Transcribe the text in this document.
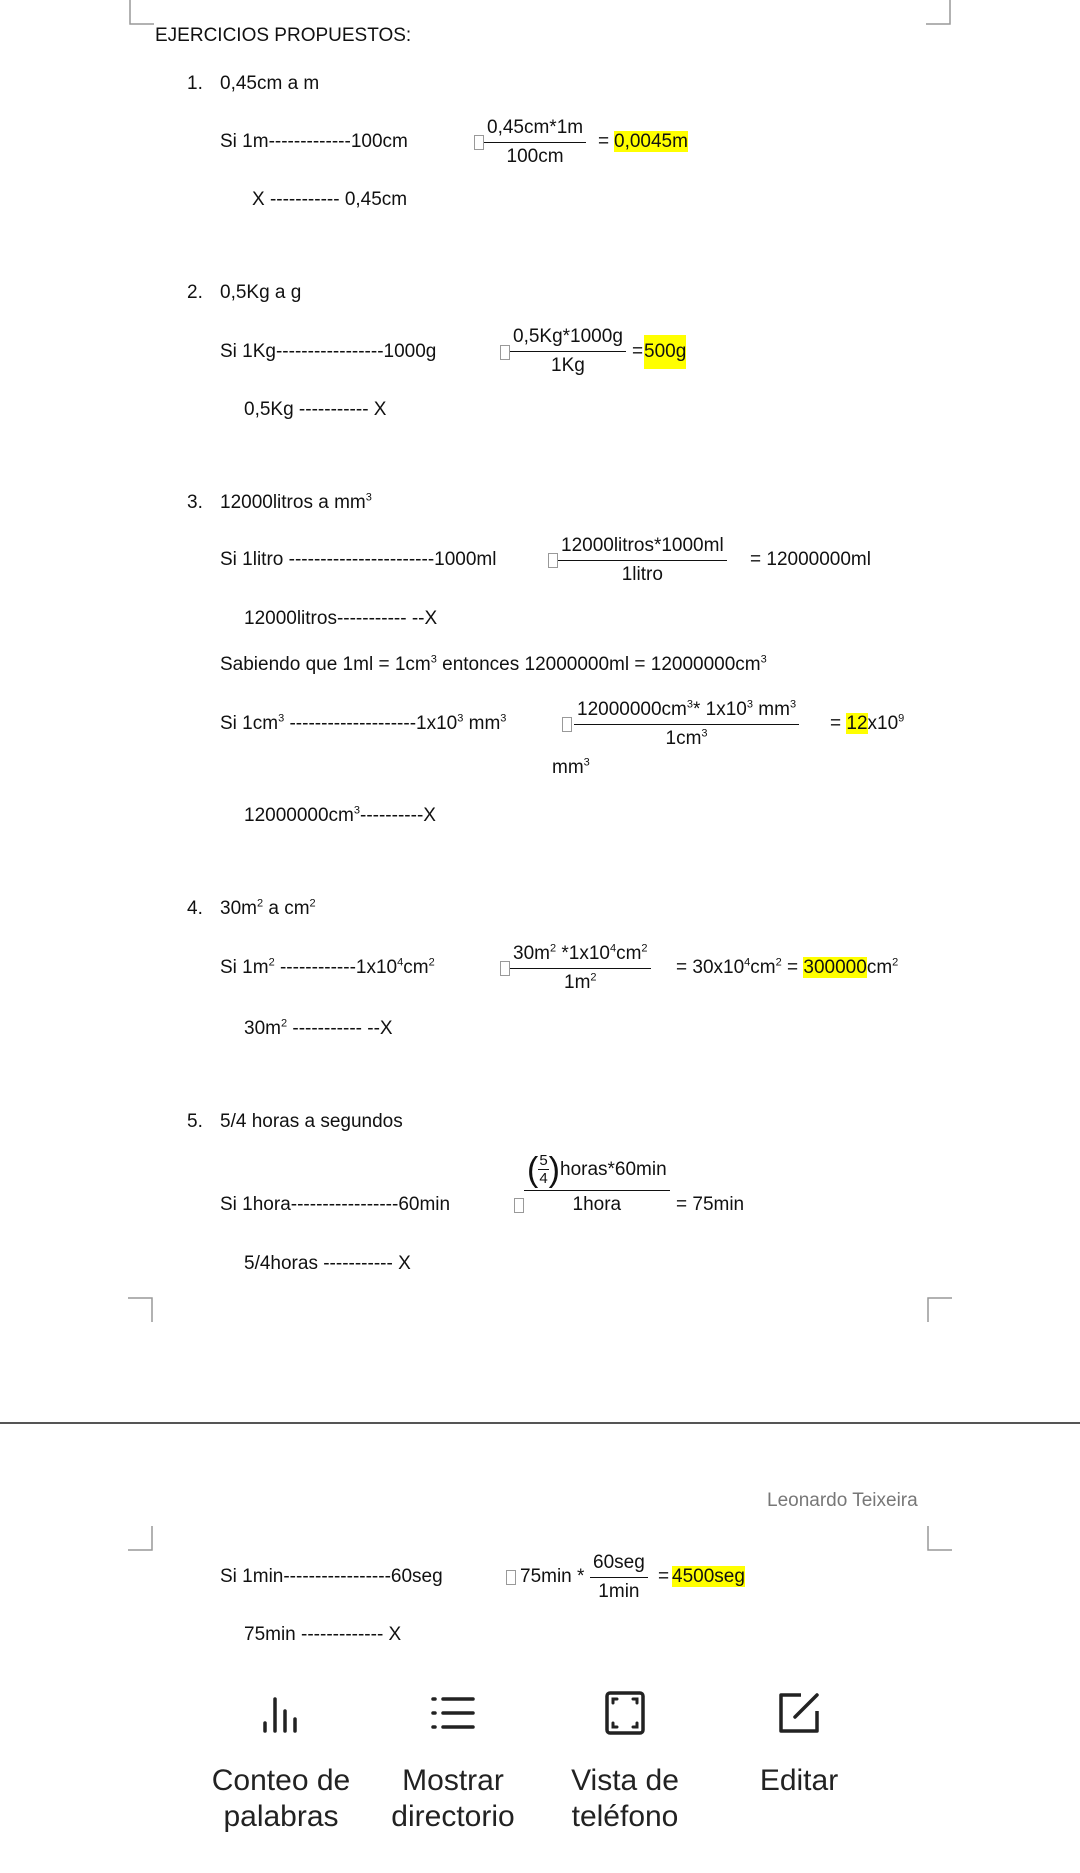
EJERCICIOS PROPUESTOS:
1. 0,45cm a m
Si 1m-------------100cm
X ----------- 0,45cm
$\frac{0,45cm*1m}{100cm} = 0,0045m$
2. 0,5Kg a g
Si 1Kg-----------------1000g
0,5Kg ----------- X
$\frac{0,5Kg*1000g}{1Kg} = 500g$
3. 12000litros a $mm^3$
Si 1litro -----------------------1000ml
12000litros----------- --X
12000litros*1000ml
1litro
= 12000000ml
Sabiendo que $1ml = 1cm^3$ entonces $12000000ml = 12000000cm^3$
Si $1cm^3$ $--------------------1x10^3$ $mm^3$	$\frac{12000000cm^3* 1x10^3 mm^3}{1cm^3} = 12x10^9$
$mm^3$
$12000000cm^3----------X$
4. $30m^2$ a $cm^2$
Si $1m^2$ $------------1x10^4cm^2$	$\frac{30m^2 *1x10^4cm^2}{1m^2} = 30x10^4cm^2 = 300000cm^2$
$30m^2$ ----------- --X
5. 5/4 horas a segundos
Si 1hora-----------------60min
5/4horas ----------- X
( 5
4 ) horas*60min
1hora	= 75min
Leonardo Teixeira
Si 1min-----------------60seg
75min ------------- X
75min *
60seg
1min
= 4500seg
Conteo de palabras
Mostrar directorio
Vista de teléfono
Editar
